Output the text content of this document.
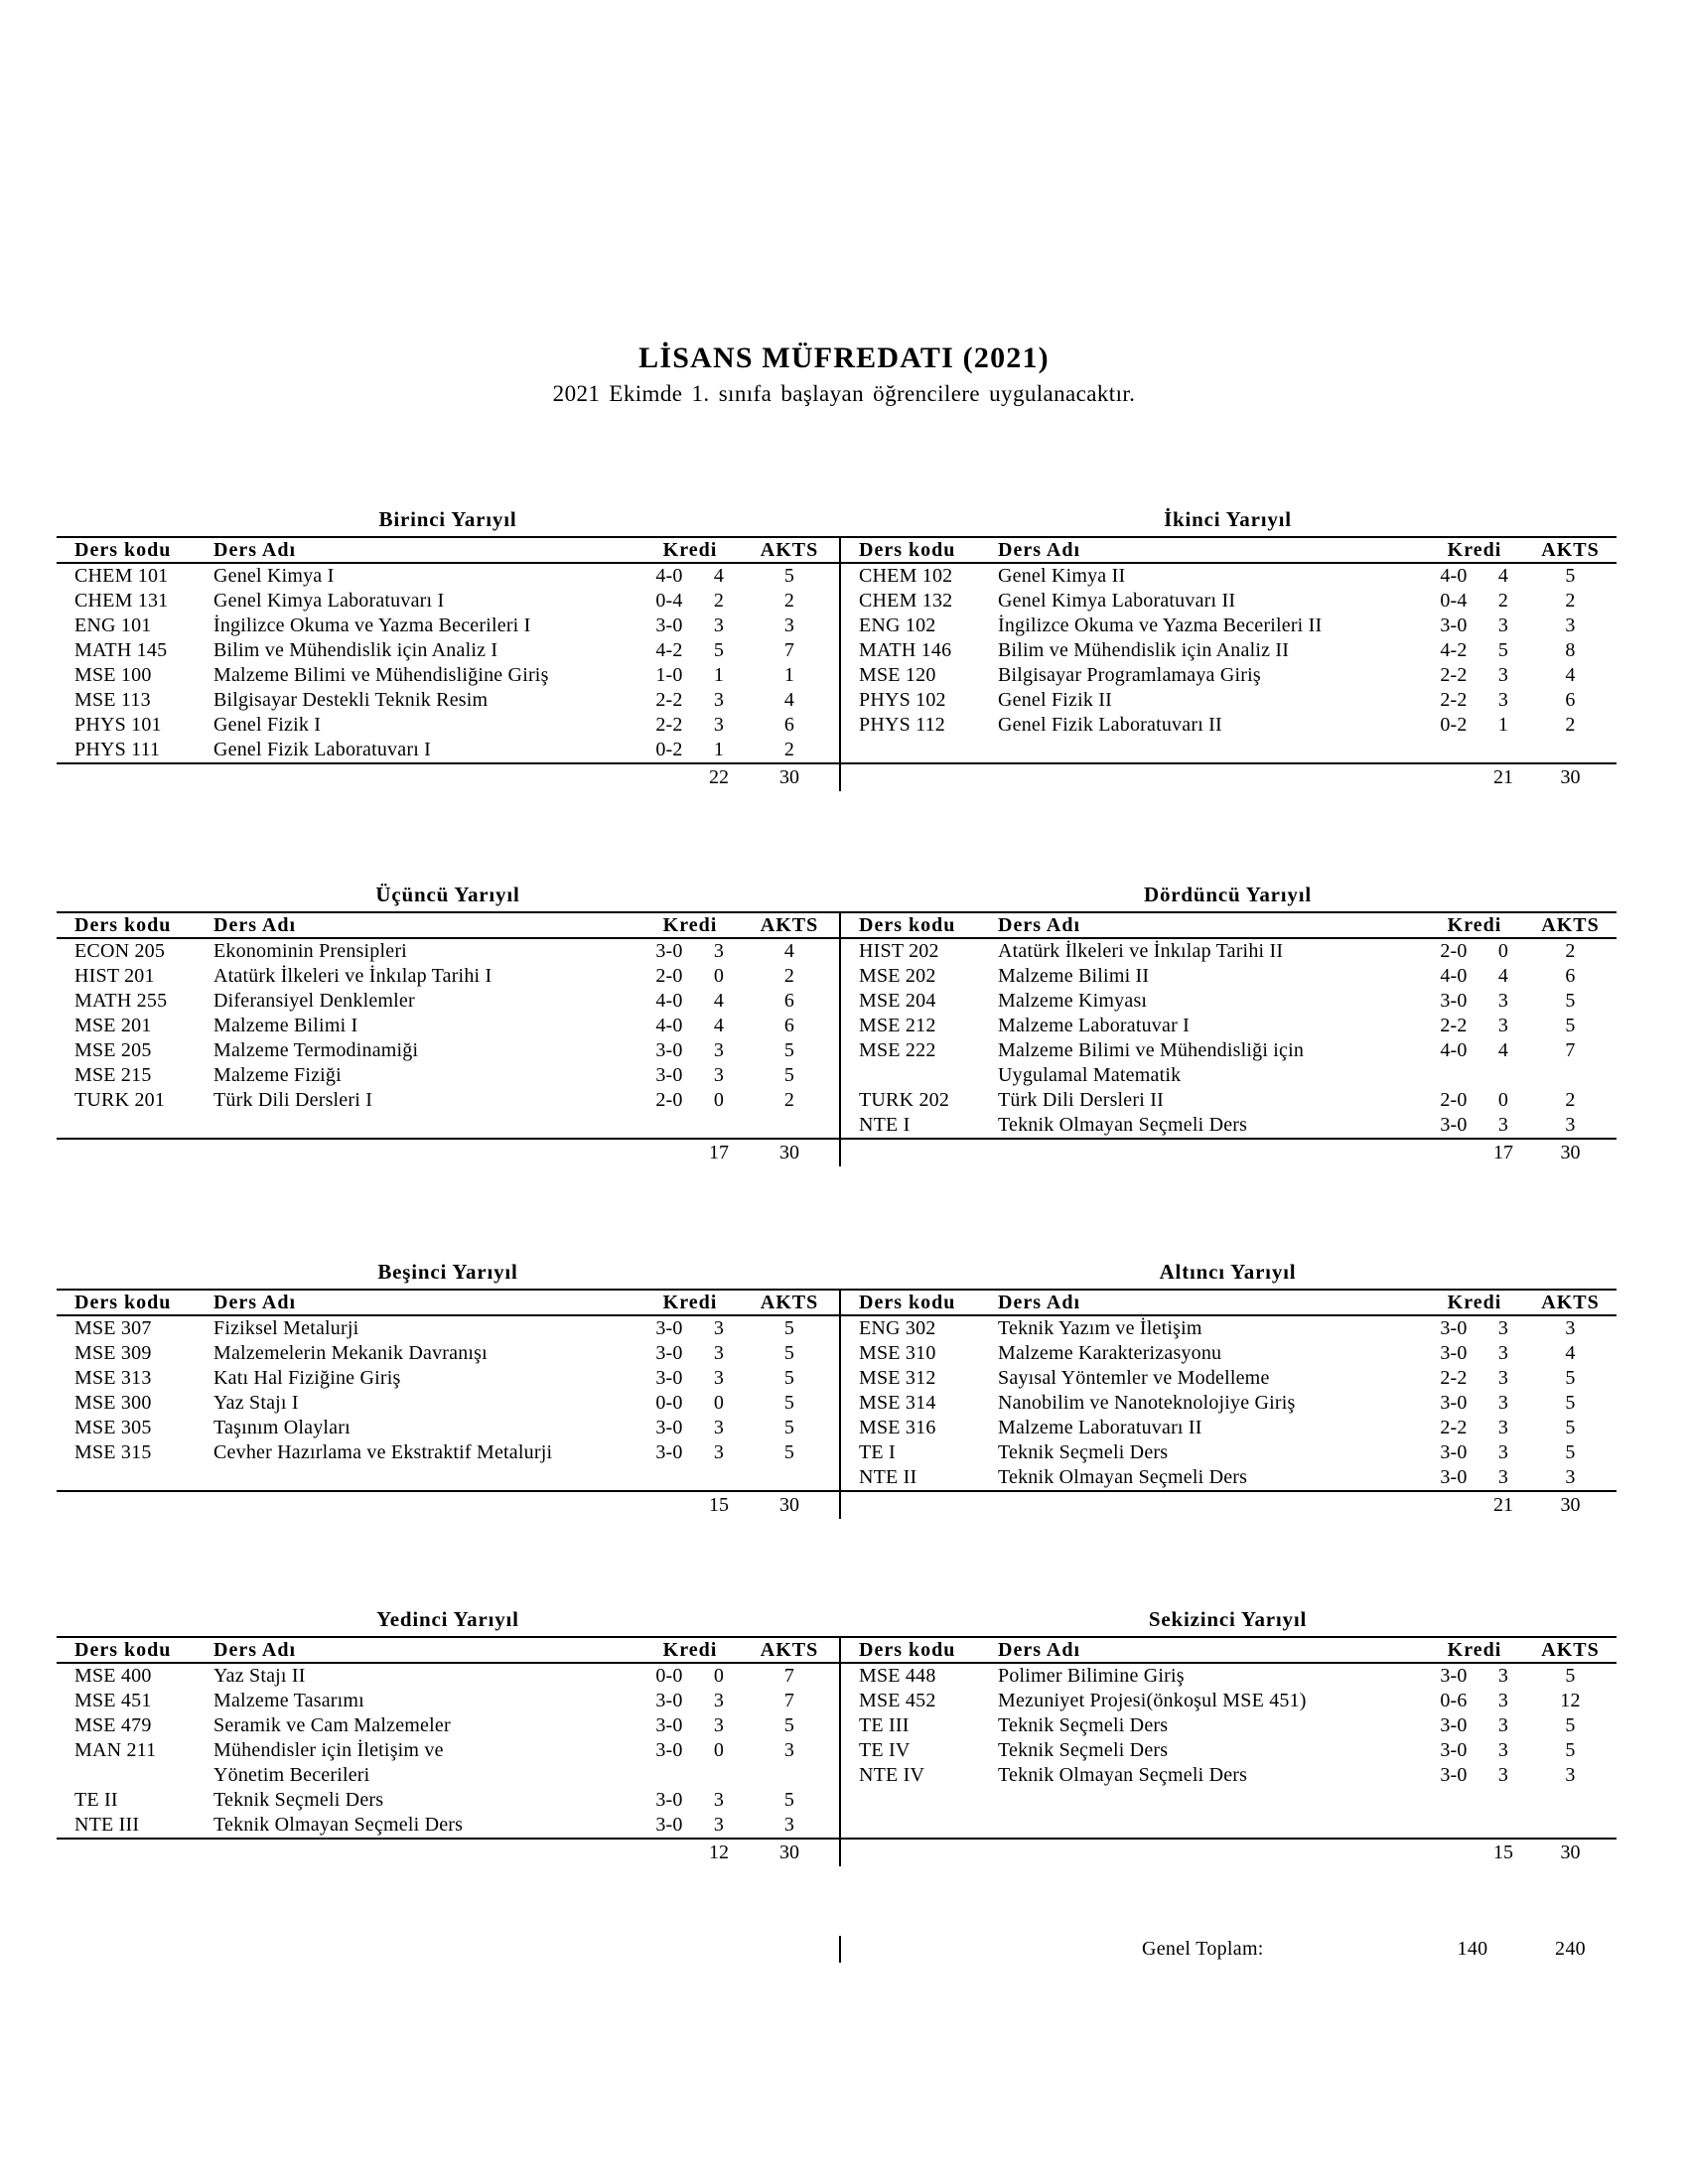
LİSANS MÜFREDATI (2021)
2021 Ekimde 1. sınıfa başlayan öğrencilere uygulanacaktır.
Birinci Yarıyıl
Ders kodu	Ders Adı	Kredi	AKTS
CHEM 101	Genel Kimya I	4-0	4	5
CHEM 131	Genel Kimya Laboratuvarı I	0-4	2	2
ENG 101	İngilizce Okuma ve Yazma Becerileri I	3-0	3	3
MATH 145	Bilim ve Mühendislik için Analiz I	4-2	5	7
MSE 100	Malzeme Bilimi ve Mühendisliğine Giriş	1-0	1	1
MSE 113	Bilgisayar Destekli Teknik Resim	2-2	3	4
PHYS 101	Genel Fizik I	2-2	3	6
PHYS 111	Genel Fizik Laboratuvarı I	0-2	1	2
22	30
İkinci Yarıyıl
Ders kodu	Ders Adı	Kredi	AKTS
CHEM 102	Genel Kimya II	4-0	4	5
CHEM 132	Genel Kimya Laboratuvarı II	0-4	2	2
ENG 102	İngilizce Okuma ve Yazma Becerileri II	3-0	3	3
MATH 146	Bilim ve Mühendislik için Analiz II	4-2	5	8
MSE 120	Bilgisayar Programlamaya Giriş	2-2	3	4
PHYS 102	Genel Fizik II	2-2	3	6
PHYS 112	Genel Fizik Laboratuvarı II	0-2	1	2
21	30
Üçüncü Yarıyıl
Ders kodu	Ders Adı	Kredi	AKTS
ECON 205	Ekonominin Prensipleri	3-0	3	4
HIST 201	Atatürk İlkeleri ve İnkılap Tarihi I	2-0	0	2
MATH 255	Diferansiyel Denklemler	4-0	4	6
MSE 201	Malzeme Bilimi I	4-0	4	6
MSE 205	Malzeme Termodinamiği	3-0	3	5
MSE 215	Malzeme Fiziği	3-0	3	5
TURK 201	Türk Dili Dersleri I	2-0	0	2
17	30
Dördüncü Yarıyıl
Ders kodu	Ders Adı	Kredi	AKTS
HIST 202	Atatürk İlkeleri ve İnkılap Tarihi II	2-0	0	2
MSE 202	Malzeme Bilimi II	4-0	4	6
MSE 204	Malzeme Kimyası	3-0	3	5
MSE 212	Malzeme Laboratuvar I	2-2	3	5
MSE 222	Malzeme Bilimi ve Mühendisliği için	4-0	4	7
Uygulamal Matematik
TURK 202	Türk Dili Dersleri II	2-0	0	2
NTE I	Teknik Olmayan Seçmeli Ders	3-0	3	3
17	30
Beşinci Yarıyıl
Ders kodu	Ders Adı	Kredi	AKTS
MSE 307	Fiziksel Metalurji	3-0	3	5
MSE 309	Malzemelerin Mekanik Davranışı	3-0	3	5
MSE 313	Katı Hal Fiziğine Giriş	3-0	3	5
MSE 300	Yaz Stajı I	0-0	0	5
MSE 305	Taşınım Olayları	3-0	3	5
MSE 315	Cevher Hazırlama ve Ekstraktif Metalurji	3-0	3	5
15	30
Altıncı Yarıyıl
Ders kodu	Ders Adı	Kredi	AKTS
ENG 302	Teknik Yazım ve İletişim	3-0	3	3
MSE 310	Malzeme Karakterizasyonu	3-0	3	4
MSE 312	Sayısal Yöntemler ve Modelleme	2-2	3	5
MSE 314	Nanobilim ve Nanoteknolojiye Giriş	3-0	3	5
MSE 316	Malzeme Laboratuvarı II	2-2	3	5
TE I	Teknik Seçmeli Ders	3-0	3	5
NTE II	Teknik Olmayan Seçmeli Ders	3-0	3	3
21	30
Yedinci Yarıyıl
Ders kodu	Ders Adı	Kredi	AKTS
MSE 400	Yaz Stajı II	0-0	0	7
MSE 451	Malzeme Tasarımı	3-0	3	7
MSE 479	Seramik ve Cam Malzemeler	3-0	3	5
MAN 211	Mühendisler için İletişim ve	3-0	0	3
Yönetim Becerileri
TE II	Teknik Seçmeli Ders	3-0	3	5
NTE III	Teknik Olmayan Seçmeli Ders	3-0	3	3
12	30
Sekizinci Yarıyıl
Ders kodu	Ders Adı	Kredi	AKTS
MSE 448	Polimer Bilimine Giriş	3-0	3	5
MSE 452	Mezuniyet Projesi(önkoşul MSE 451)	0-6	3	12
TE III	Teknik Seçmeli Ders	3-0	3	5
TE IV	Teknik Seçmeli Ders	3-0	3	5
NTE IV	Teknik Olmayan Seçmeli Ders	3-0	3	3
15	30
Genel Toplam:	140	240
